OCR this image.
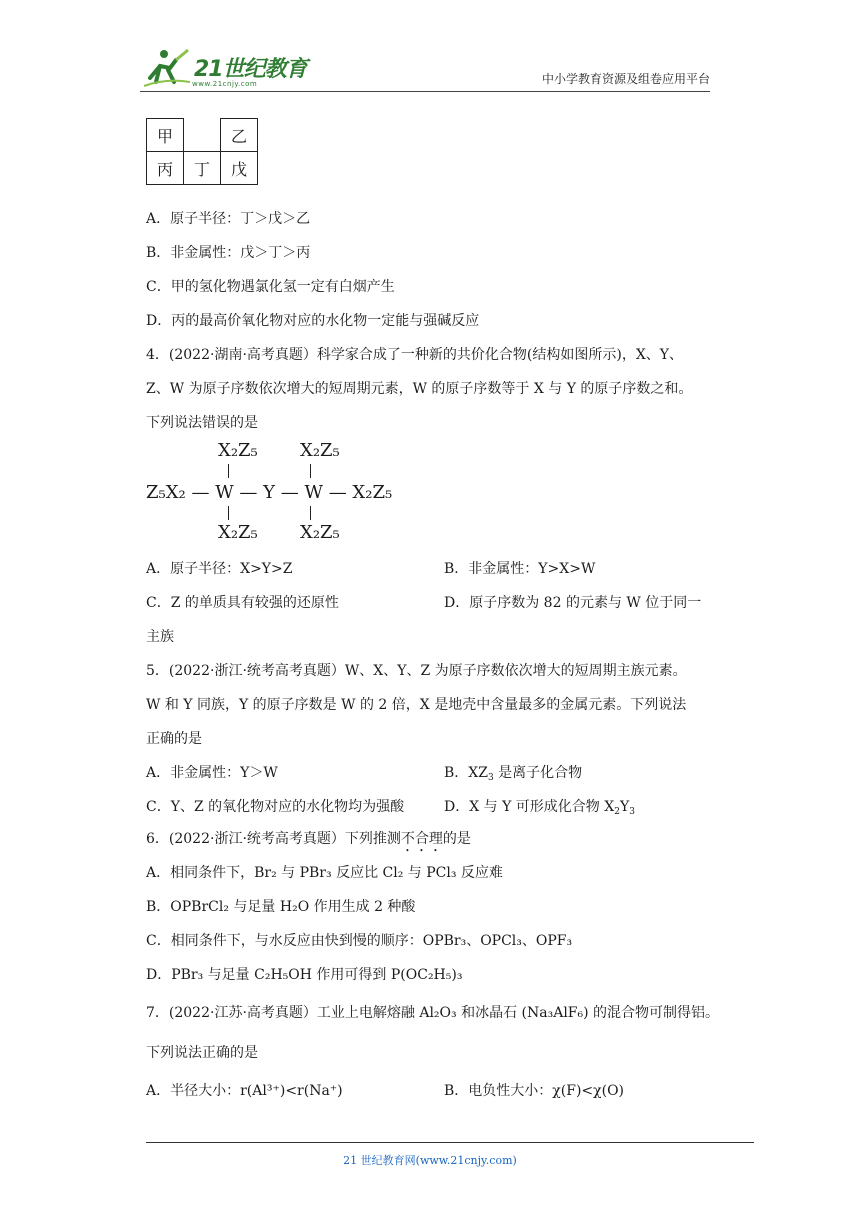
21世纪教育
www.21cnjy.com	中小学教育资源及组卷应用平台
甲		乙
丙	丁	戊
A．原子半径：丁＞戊＞乙
B．非金属性：戊＞丁＞丙
C．甲的氢化物遇氯化氢一定有白烟产生
D．丙的最高价氧化物对应的水化物一定能与强碱反应
4．(2022·湖南·高考真题）科学家合成了一种新的共价化合物(结构如图所示)，X、Y、
Z、W 为原子序数依次增大的短周期元素，W 的原子序数等于 X 与 Y 的原子序数之和。
下列说法错误的是
X₂Z₅ X₂Z₅
Z₅X₂ — W — Y — W — X₂Z₅
X₂Z₅ X₂Z₅
A．原子半径：X>Y>Z	B．非金属性：Y>X>W
C．Z 的单质具有较强的还原性	D．原子序数为 82 的元素与 W 位于同一
主族
5．(2022·浙江·统考高考真题）W、X、Y、Z 为原子序数依次增大的短周期主族元素。
W 和 Y 同族，Y 的原子序数是 W 的 2 倍，X 是地壳中含量最多的金属元素。下列说法
正确的是
A．非金属性：Y＞W	B．$XZ_3$ 是离子化合物
C．Y、Z 的氧化物对应的水化物均为强酸	D．X 与 Y 可形成化合物 $X_2Y_3$
6．(2022·浙江·统考高考真题）下列推测不合理的是
A．相同条件下，Br₂ 与 PBr₃ 反应比 Cl₂ 与 PCl₃ 反应难
B．OPBrCl₂ 与足量 H₂O 作用生成 2 种酸
C．相同条件下，与水反应由快到慢的顺序：OPBr₃、OPCl₃、OPF₃
D．PBr₃ 与足量 C₂H₅OH 作用可得到 P(OC₂H₅)₃
7．(2022·江苏·高考真题）工业上电解熔融 Al₂O₃ 和冰晶石 (Na₃AlF₆) 的混合物可制得铝。
下列说法正确的是
A．半径大小：r(Al³⁺)<r(Na⁺)	B．电负性大小：χ(F)<χ(O)
21 世纪教育网(www.21cnjy.com)
